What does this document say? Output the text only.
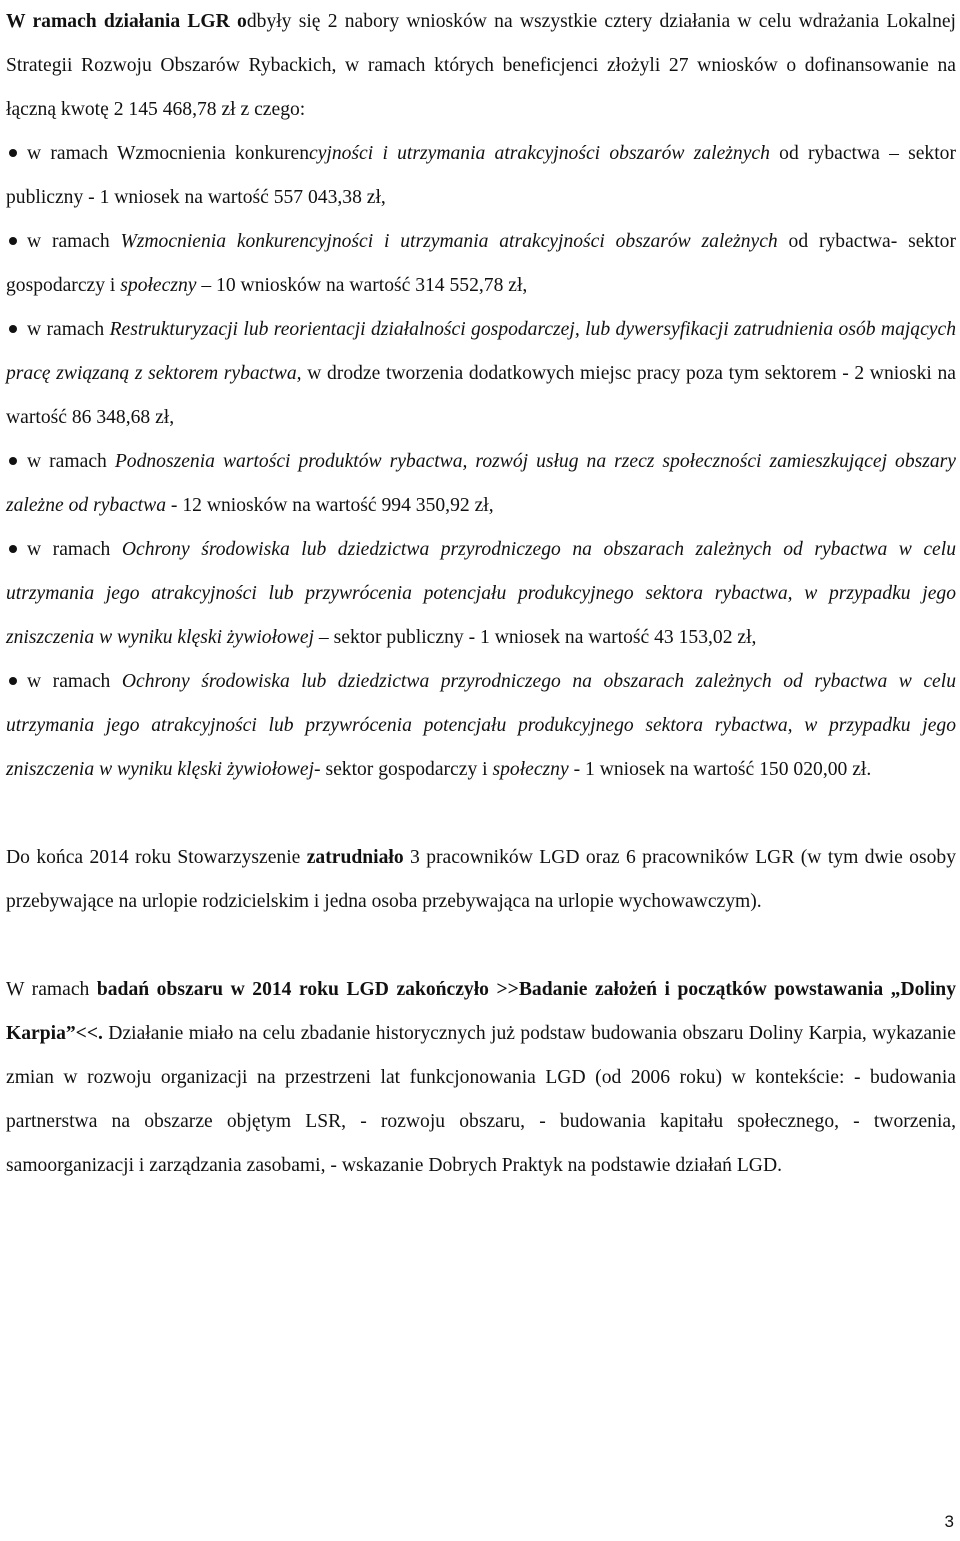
W ramach działania LGR odbyły się 2 nabory wniosków na wszystkie cztery działania w celu wdrażania Lokalnej Strategii Rozwoju Obszarów Rybackich, w ramach których beneficjenci złożyli 27 wniosków o dofinansowanie na łączną kwotę 2 145 468,78 zł z czego:

w ramach Wzmocnienia konkurencyjności i utrzymania atrakcyjności obszarów zależnych od rybactwa – sektor publiczny - 1 wniosek na wartość 557 043,38 zł,

w ramach Wzmocnienia konkurencyjności i utrzymania atrakcyjności obszarów zależnych od rybactwa- sektor gospodarczy i społeczny – 10 wniosków na wartość 314 552,78 zł,

w ramach Restrukturyzacji lub reorientacji działalności gospodarczej, lub dywersyfikacji zatrudnienia osób mających pracę związaną z sektorem rybactwa, w drodze tworzenia dodatkowych miejsc pracy poza tym sektorem - 2 wnioski na wartość 86 348,68 zł,

w ramach Podnoszenia wartości produktów rybactwa, rozwój usług na rzecz społeczności zamieszkującej obszary zależne od rybactwa - 12 wniosków na wartość 994 350,92 zł,

w ramach Ochrony środowiska lub dziedzictwa przyrodniczego na obszarach zależnych od rybactwa w celu utrzymania jego atrakcyjności lub przywrócenia potencjału produkcyjnego sektora rybactwa, w przypadku jego zniszczenia w wyniku klęski żywiołowej – sektor publiczny - 1 wniosek na wartość 43 153,02 zł,

w ramach Ochrony środowiska lub dziedzictwa przyrodniczego na obszarach zależnych od rybactwa w celu utrzymania jego atrakcyjności lub przywrócenia potencjału produkcyjnego sektora rybactwa, w przypadku jego zniszczenia w wyniku klęski żywiołowej- sektor gospodarczy i społeczny - 1 wniosek na wartość 150 020,00 zł.

Do końca 2014 roku Stowarzyszenie zatrudniało 3 pracowników LGD oraz 6 pracowników LGR (w tym dwie osoby przebywające na urlopie rodzicielskim i jedna osoba przebywająca na urlopie wychowawczym).

W ramach badań obszaru w 2014 roku LGD zakończyło >>Badanie założeń i początków powstawania „Doliny Karpia”<<. Działanie miało na celu zbadanie historycznych już podstaw budowania obszaru Doliny Karpia, wykazanie zmian w rozwoju organizacji na przestrzeni lat funkcjonowania LGD (od 2006 roku) w kontekście: - budowania partnerstwa na obszarze objętym LSR, - rozwoju obszaru, - budowania kapitału społecznego, - tworzenia, samoorganizacji i zarządzania zasobami, - wskazanie Dobrych Praktyk na podstawie działań LGD.

3
